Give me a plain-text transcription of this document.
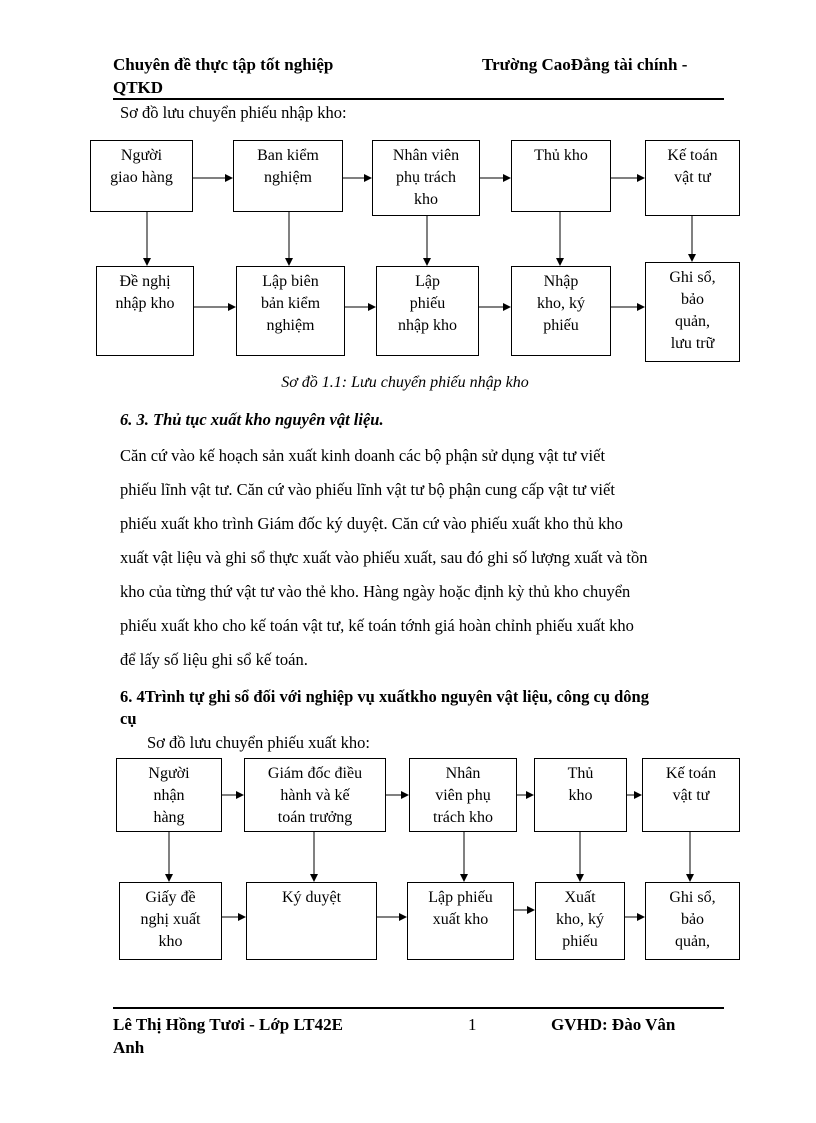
Chuyên đề thực tập tốt nghiệp	Trường CaoĐẳng tài chính -
QTKD
Sơ đồ lưu chuyển phiếu nhập kho:
Người
giao hàng
Ban kiểm
nghiệm
Nhân viên
phụ trách
kho
Thủ kho	Kế toán
vật tư
Đề nghị
nhập kho
Lập biên
bản kiểm
nghiệm
Lập
phiếu
nhập kho
Nhập
kho, ký
phiếu
Ghi sổ,
bảo
quản,
lưu trữ
Sơ đồ 1.1: Lưu chuyển phiếu nhập kho
6. 3. Thủ tục xuất kho nguyên vật liệu.

Căn cứ vào kế hoạch sản xuất kinh doanh các bộ phận sử dụng vật tư viết

phiếu lĩnh vật tư. Căn cứ vào phiếu lĩnh vật tư bộ phận cung cấp vật tư viết

phiếu xuất kho trình Giám đốc ký duyệt. Căn cứ vào phiếu xuất kho thủ kho

xuất vật liệu và ghi sổ thực xuất vào phiếu xuất, sau đó ghi số lượng xuất và tồn

kho của từng thứ vật tư vào thẻ kho. Hàng ngày hoặc định kỳ thủ kho chuyển

phiếu xuất kho cho kế toán vật tư, kế toán tớnh giá hoàn chỉnh phiếu xuất kho

để lấy số liệu ghi sổ kế toán.

6. 4Trình tự ghi sổ đối với nghiệp vụ xuấtkho nguyên vật liệu, công cụ dông
cụ
Sơ đồ lưu chuyển phiếu xuất kho:
Người
nhận
hàng
Giám đốc điều
hành và kế
toán trưởng
Nhân
viên phụ
trách kho
Thủ
kho
Kế toán
vật tư
Giấy đề
nghị xuất
kho
Ký duyệt	Lập phiếu
xuất kho
Xuất
kho, ký
phiếu
Ghi sổ,
bảo
quản,
Lê Thị Hồng Tươi - Lớp LT42E	1	GVHD: Đào Vân
Anh
